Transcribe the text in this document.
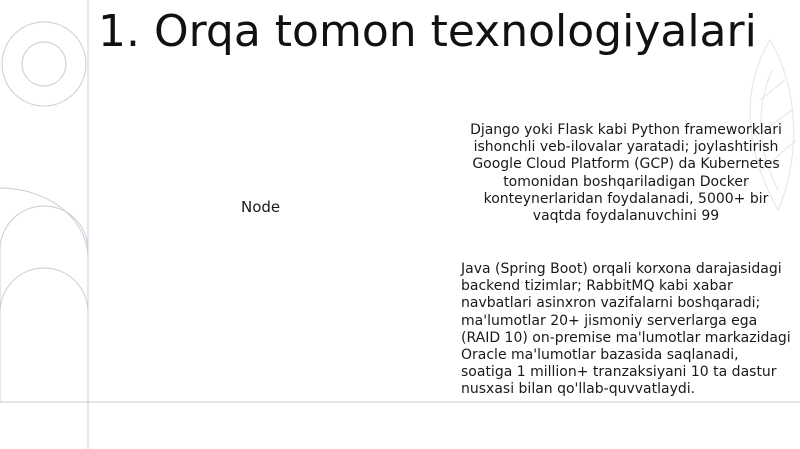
1. Orqa tomon texnologiyalari
Node

Django yoki Flask kabi Python frameworklari ishonchli veb-ilovalar yaratadi; joylashtirish Google Cloud Platform (GCP) da Kubernetes tomonidan boshqariladigan Docker konteynerlaridan foydalanadi, 5000+ bir vaqtda foydalanuvchini 99

Java (Spring Boot) orqali korxona darajasidagi backend tizimlar; RabbitMQ kabi xabar navbatlari asinxron vazifalarni boshqaradi; ma'lumotlar 20+ jismoniy serverlarga ega (RAID 10) on-premise ma'lumotlar markazidagi Oracle ma'lumotlar bazasida saqlanadi, soatiga 1 million+ tranzaksiyani 10 ta dastur nusxasi bilan qo'llab-quvvatlaydi.
